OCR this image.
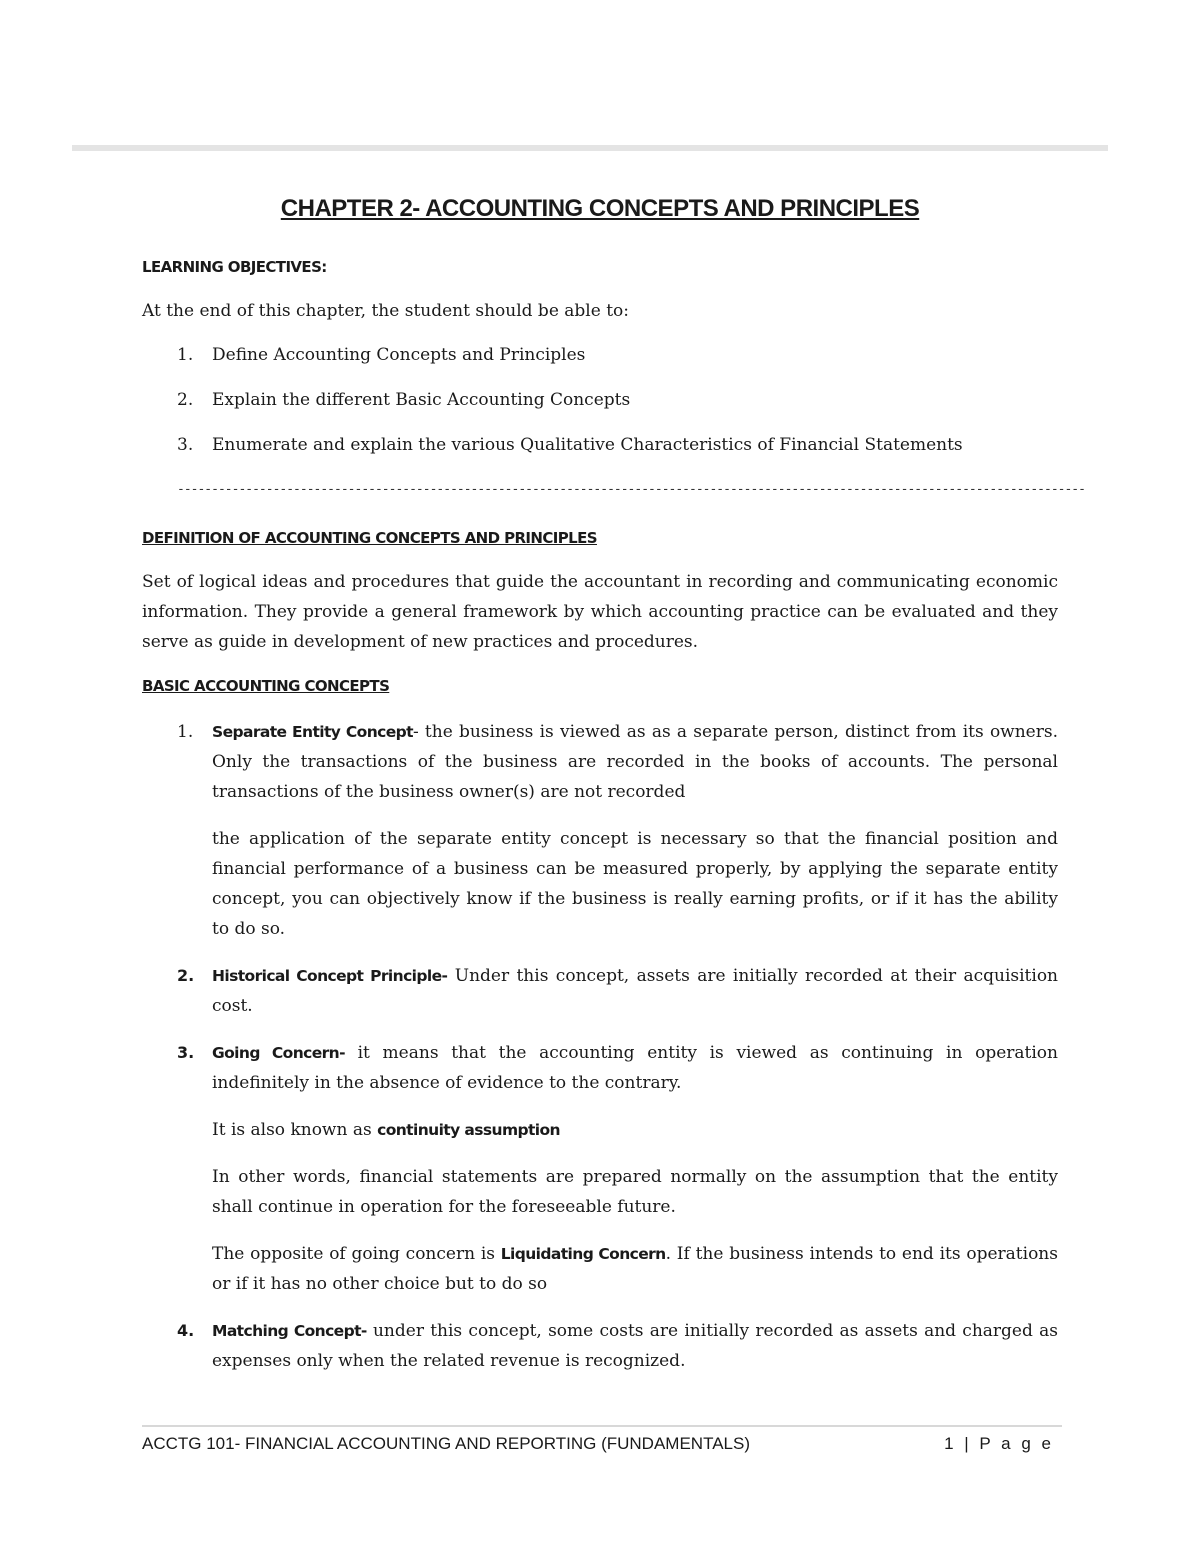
CHAPTER 2- ACCOUNTING CONCEPTS AND PRINCIPLES

LEARNING OBJECTIVES:

At the end of this chapter, the student should be able to:

1. Define Accounting Concepts and Principles
2. Explain the different Basic Accounting Concepts
3. Enumerate and explain the various Qualitative Characteristics of Financial Statements
-------------------------------------------------------------------------------------------------------------------------------------

DEFINITION OF ACCOUNTING CONCEPTS AND PRINCIPLES

Set of logical ideas and procedures that guide the accountant in recording and communicating economic information. They provide a general framework by which accounting practice can be evaluated and they serve as guide in development of new practices and procedures.

BASIC ACCOUNTING CONCEPTS

1. Separate Entity Concept- the business is viewed as as a separate person, distinct from its owners. Only the transactions of the business are recorded in the books of accounts. The personal transactions of the business owner(s) are not recorded

the application of the separate entity concept is necessary so that the financial position and financial performance of a business can be measured properly, by applying the separate entity concept, you can objectively know if the business is really earning profits, or if it has the ability to do so.

2. Historical Concept Principle- Under this concept, assets are initially recorded at their acquisition cost.
3. Going Concern- it means that the accounting entity is viewed as continuing in operation indefinitely in the absence of evidence to the contrary.

It is also known as continuity assumption

In other words, financial statements are prepared normally on the assumption that the entity shall continue in operation for the foreseeable future.

The opposite of going concern is Liquidating Concern. If the business intends to end its operations or if it has no other choice but to do so

4. Matching Concept- under this concept, some costs are initially recorded as assets and charged as expenses only when the related revenue is recognized.
ACCTG 101- FINANCIAL ACCOUNTING AND REPORTING (FUNDAMENTALS)	1 | P a g e
